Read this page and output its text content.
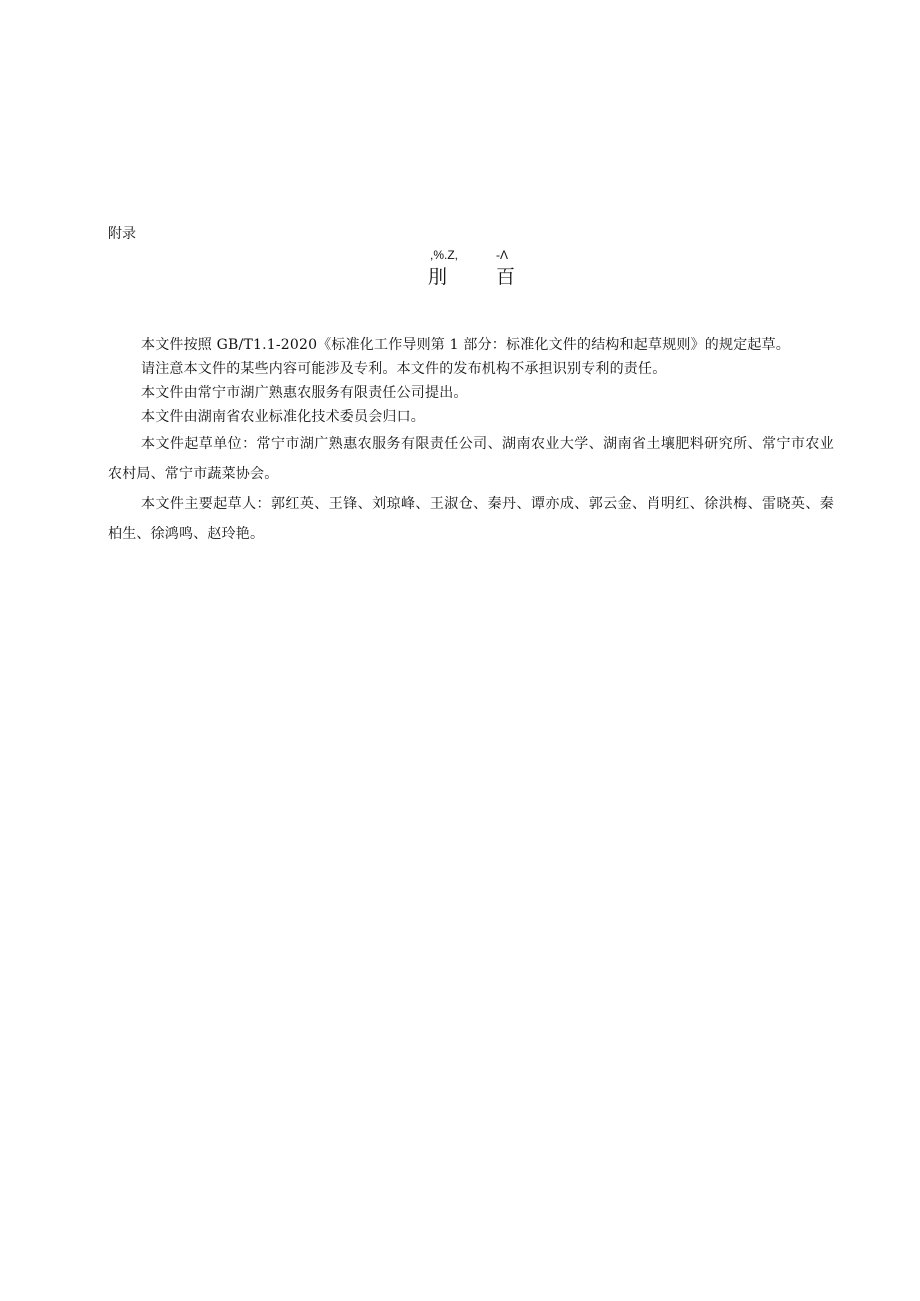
附录
,%.Z,	-Λ
刖	百

本文件按照 GB/T1.1-2020《标准化工作导则第 1 部分：标准化文件的结构和起草规则》的规定起草。

请注意本文件的某些内容可能涉及专利。本文件的发布机构不承担识别专利的责任。

本文件由常宁市湖广熟惠农服务有限责任公司提出。

本文件由湖南省农业标准化技术委员会归口。

本文件起草单位：常宁市湖广熟惠农服务有限责任公司、湖南农业大学、湖南省土壤肥料研究所、常宁市农业农村局、常宁市蔬菜协会。

本文件主要起草人：郭红英、王锋、刘琼峰、王淑仓、秦丹、谭亦成、郭云金、肖明红、徐洪梅、雷晓英、秦柏生、徐鸿鸣、赵玲艳。
